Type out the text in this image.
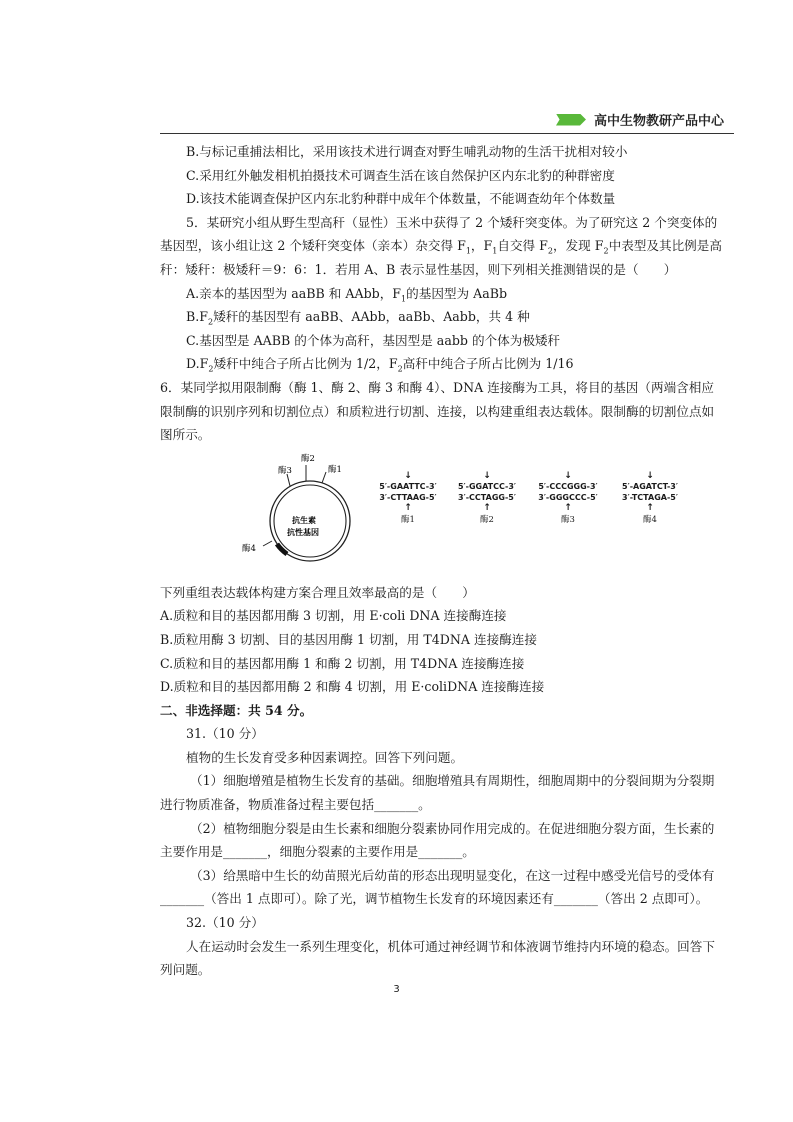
高中生物教研产品中心
B.与标记重捕法相比，采用该技术进行调查对野生哺乳动物的生活干扰相对较小
C.采用红外触发相机拍摄技术可调查生活在该自然保护区内东北豹的种群密度
D.该技术能调查保护区内东北豹种群中成年个体数量，不能调查幼年个体数量
5．某研究小组从野生型高秆（显性）玉米中获得了 2 个矮秆突变体。为了研究这 2 个突变体的
基因型，该小组让这 2 个矮秆突变体（亲本）杂交得 $F_1$，$F_1$自交得 $F_2$，发现 $F_2$中表型及其比例是高
秆：矮秆：极矮秆＝9：6：1．若用 A、B 表示显性基因，则下列相关推测错误的是（　　）
A.亲本的基因型为 aaBB 和 AAbb，$F_1$的基因型为 AaBb
$B.F_2$矮秆的基因型有 aaBB、AAbb，aaBb、Aabb，共 4 种
C.基因型是 AABB 的个体为高秆，基因型是 aabb 的个体为极矮秆
$D.F_2$矮秆中纯合子所占比例为 1/2，$F_2$高秆中纯合子所占比例为 1/16
6．某同学拟用限制酶（酶 1、酶 2、酶 3 和酶 4）、DNA 连接酶为工具，将目的基因（两端含相应
限制酶的识别序列和切割位点）和质粒进行切割、连接，以构建重组表达载体。限制酶的切割位点如
图所示。
酶3
酶2
酶1
酶4
抗生素
抗性基因
↓
5′-GAATTC-3′
3′-CTTAAG-5′
↑
酶1
↓
5′-GGATCC-3′
3′-CCTAGG-5′
↑
酶2
↓
5′-CCCGGG-3′
3′-GGGCCC-5′
↑
酶3
↓
5′-AGATCT-3′
3′-TCTAGA-5′
↑
酶4
下列重组表达载体构建方案合理且效率最高的是（　　）
A.质粒和目的基因都用酶 3 切割，用 E·coli DNA 连接酶连接
B.质粒用酶 3 切割、目的基因用酶 1 切割，用 T4DNA 连接酶连接
C.质粒和目的基因都用酶 1 和酶 2 切割，用 T4DNA 连接酶连接
D.质粒和目的基因都用酶 2 和酶 4 切割，用 E·coliDNA 连接酶连接
二、非选择题：共 54 分。
31.（10 分）
植物的生长发育受多种因素调控。回答下列问题。
（1）细胞增殖是植物生长发育的基础。细胞增殖具有周期性，细胞周期中的分裂间期为分裂期
进行物质准备，物质准备过程主要包括_______。
（2）植物细胞分裂是由生长素和细胞分裂素协同作用完成的。在促进细胞分裂方面，生长素的
主要作用是_______，细胞分裂素的主要作用是_______。
（3）给黑暗中生长的幼苗照光后幼苗的形态出现明显变化，在这一过程中感受光信号的受体有
_______（答出 1 点即可）。除了光，调节植物生长发育的环境因素还有_______（答出 2 点即可）。
32.（10 分）
人在运动时会发生一系列生理变化，机体可通过神经调节和体液调节维持内环境的稳态。回答下
列问题。
3
